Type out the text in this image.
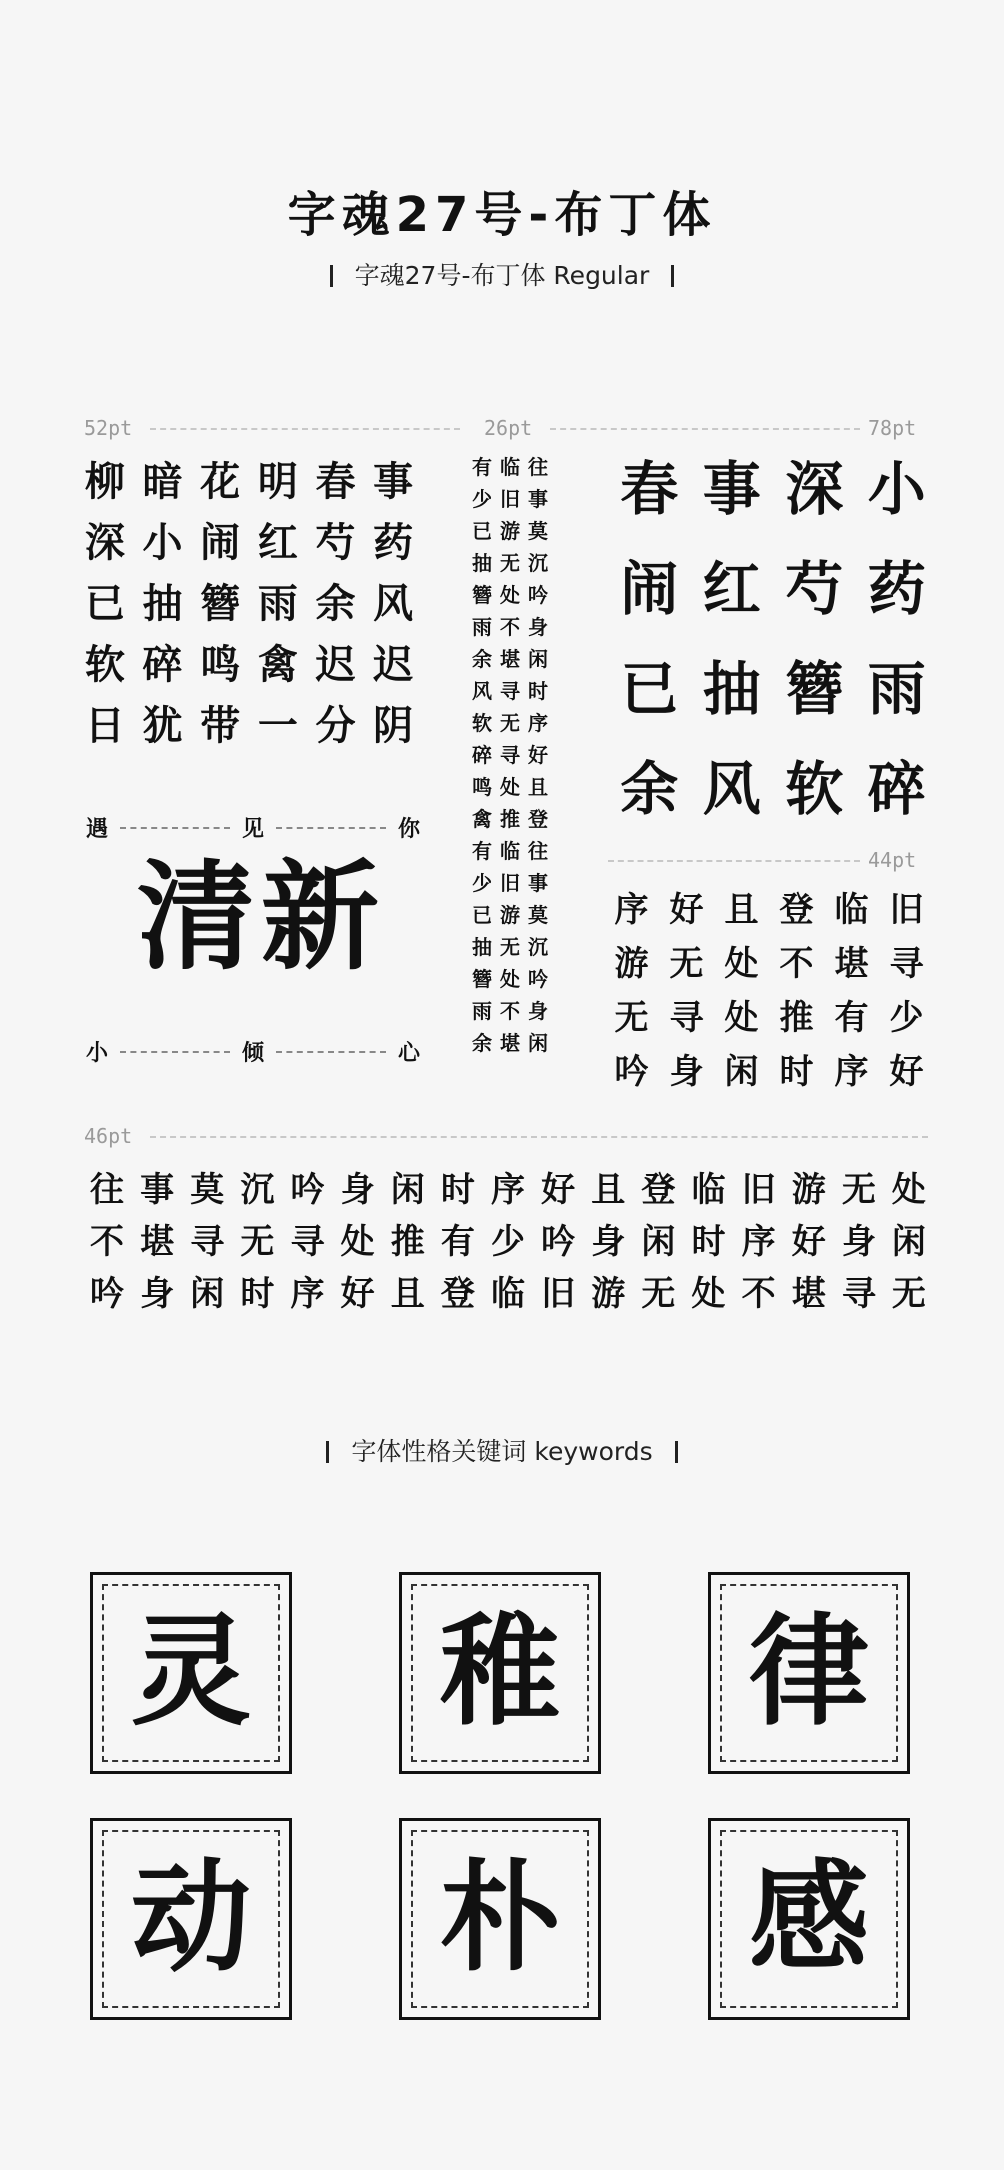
字魂27号-布丁体
字魂27号-布丁体 Regular
52pt	26pt	78pt
柳 暗 花 明 春 事
深 小 闹 红 芍 药
已 抽 簪 雨 余 风
软 碎 鸣 禽 迟 迟
日 犹 带 一 分 阴
有 临 往
少 旧 事
已 游 莫
抽 无 沉
簪 处 吟
雨 不 身
余 堪 闲
风 寻 时
软 无 序
碎 寻 好
鸣 处 且
禽 推 登
有 临 往
少 旧 事
已 游 莫
抽 无 沉
簪 处 吟
雨 不 身
余 堪 闲
春 事 深 小
闹 红 芍 药
已 抽 簪 雨
余 风 软 碎
44pt
序 好 且 登 临 旧
游 无 处 不 堪 寻
无 寻 处 推 有 少
吟 身 闲 时 序 好
遇	见	你
清新
小	倾	心
46pt
往 事 莫 沉 吟 身 闲 时 序 好 且 登 临 旧 游 无 处
不 堪 寻 无 寻 处 推 有 少 吟 身 闲 时 序 好 身 闲
吟 身 闲 时 序 好 且 登 临 旧 游 无 处 不 堪 寻 无
字体性格关键词 keywords
灵 稚 律
动 朴 感
